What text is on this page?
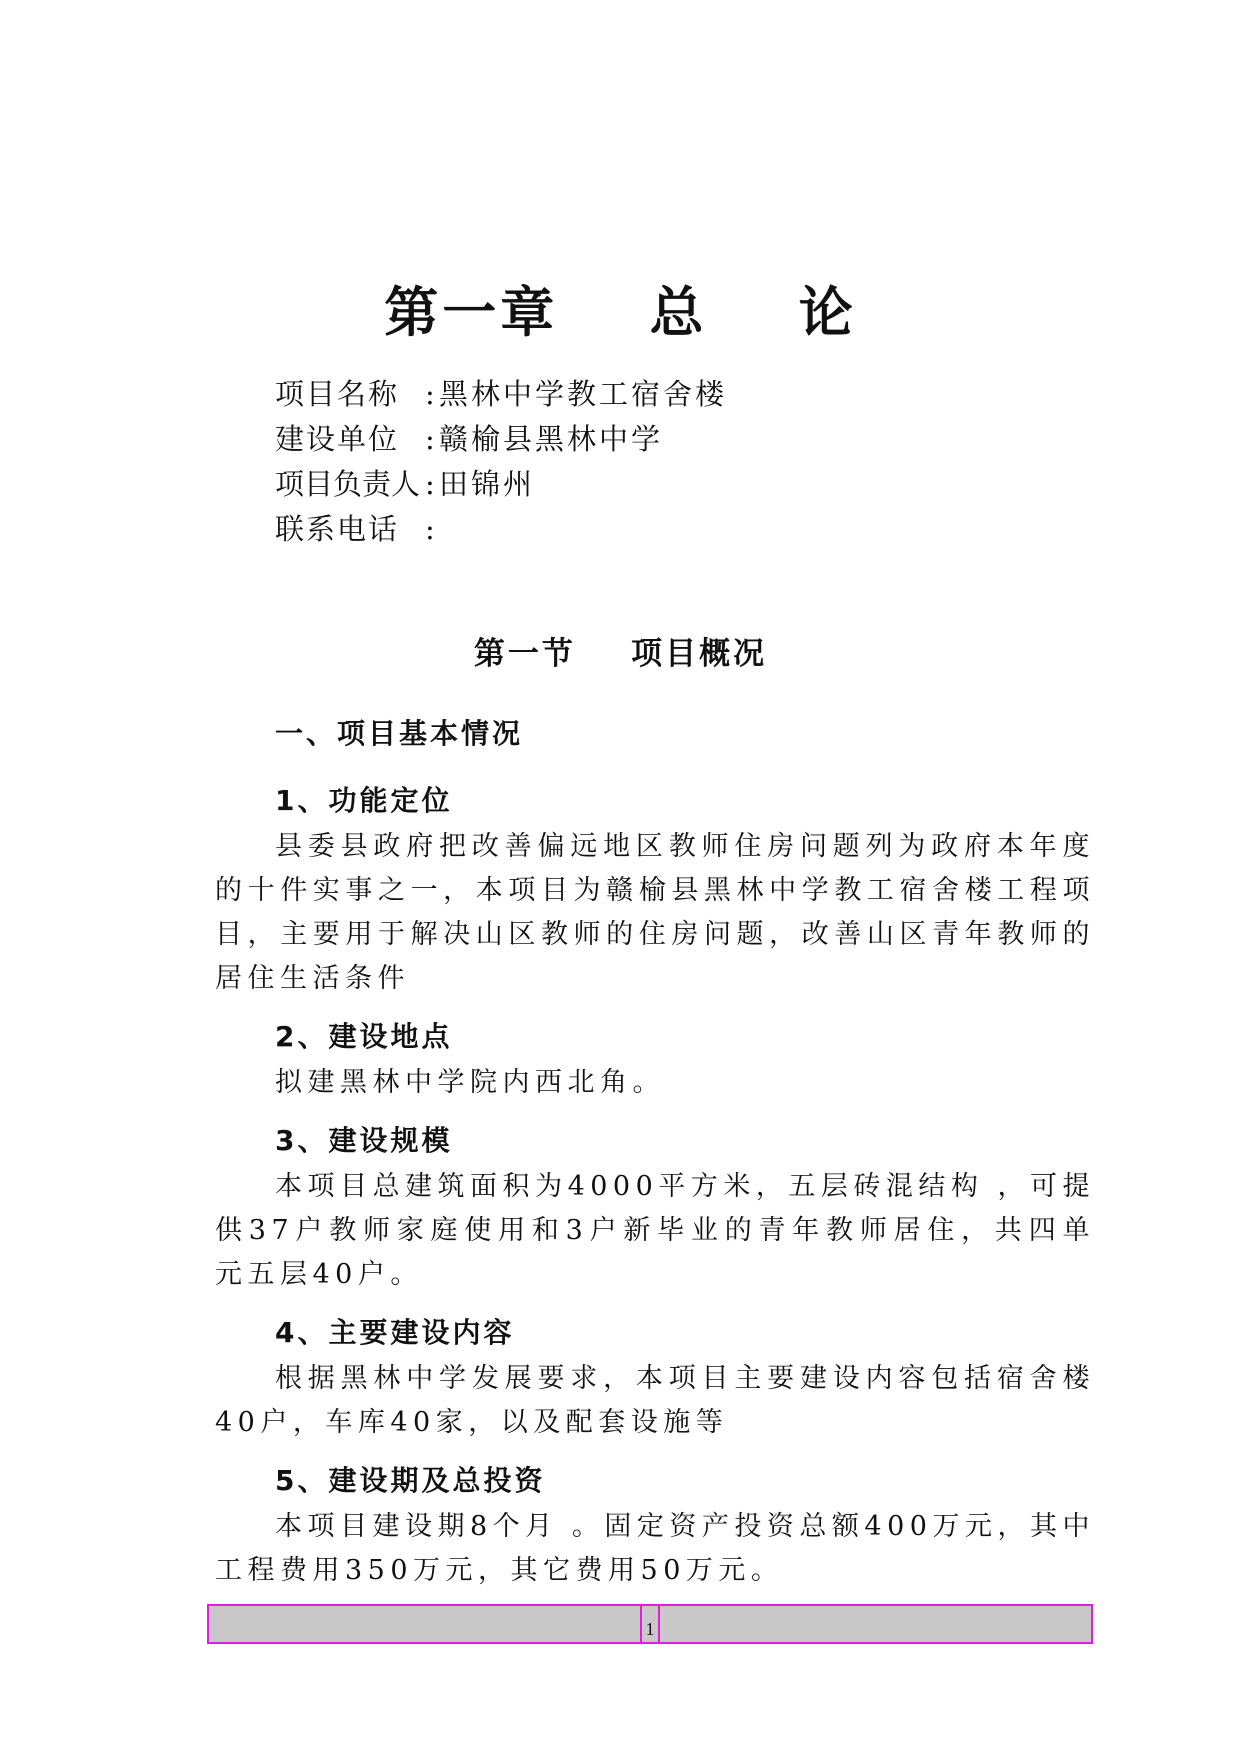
第一章    总    论
项目名称 : 黑林中学教工宿舍楼
建设单位 : 赣榆县黑林中学
项目负责人 : 田锦州
联系电话 :
第一节    项目概况
一、项目基本情况
1、功能定位

县委县政府把改善偏远地区教师住房问题列为政府本年度的十件实事之一，本项目为赣榆县黑林中学教工宿舍楼工程项目，主要用于解决山区教师的住房问题，改善山区青年教师的居住生活条件

2、建设地点

拟建黑林中学院内西北角。

3、建设规模

本项目总建筑面积为4000平方米，五层砖混结构 ，可提供37户教师家庭使用和3户新毕业的青年教师居住，共四单元五层40户。

4、主要建设内容

根据黑林中学发展要求，本项目主要建设内容包括宿舍楼40户，车库40家，以及配套设施等

5、建设期及总投资

本项目建设期8个月 。固定资产投资总额400万元，其中工程费用350万元，其它费用50万元。

1
